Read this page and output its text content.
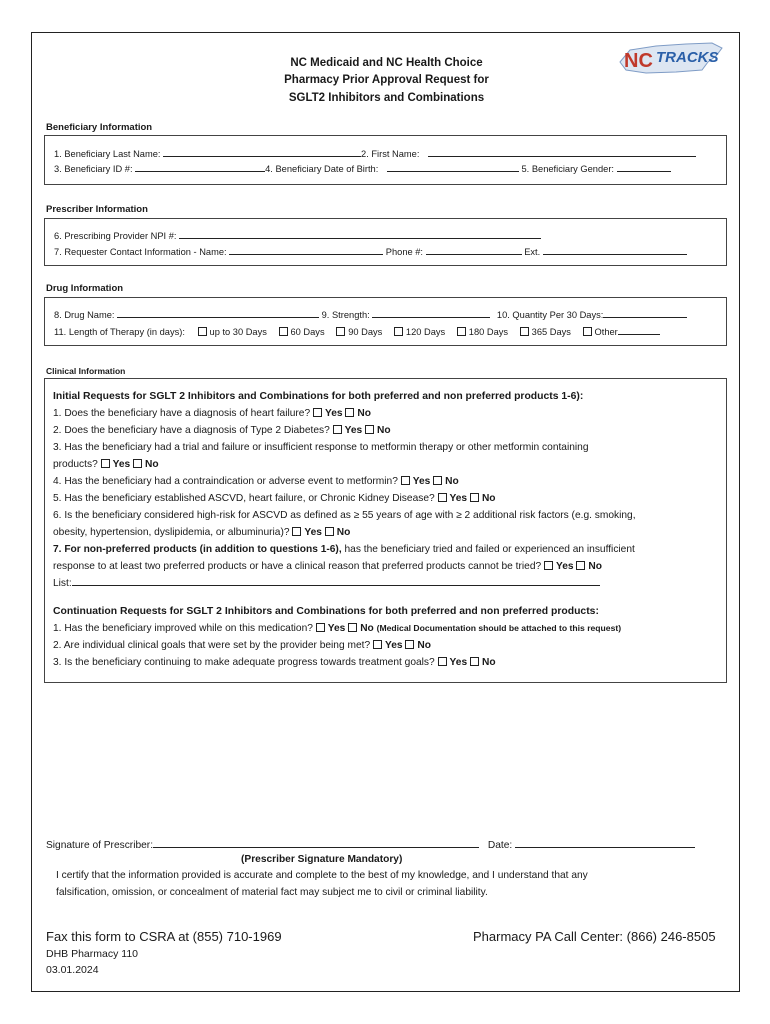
NC Medicaid and NC Health Choice
Pharmacy Prior Approval Request for
SGLT2 Inhibitors and Combinations
NC TRACKS
Beneficiary Information
1. Beneficiary Last Name:	2. First Name:
3. Beneficiary ID #:	4. Beneficiary Date of Birth:	5. Beneficiary Gender:
Prescriber Information
6. Prescribing Provider NPI #:
7. Requester Contact Information - Name:	Phone #:	Ext.
Drug Information
8. Drug Name:	9. Strength:	10. Quantity Per 30 Days:
11. Length of Therapy (in days):	up to 30 Days	60 Days	90 Days	120 Days	180 Days	365 Days	Other
Clinical Information
Initial Requests for SGLT 2 Inhibitors and Combinations for both preferred and non preferred products 1-6):
1. Does the beneficiary have a diagnosis of heart failure? Yes No
2. Does the beneficiary have a diagnosis of Type 2 Diabetes? Yes No
3. Has the beneficiary had a trial and failure or insufficient response to metformin therapy or other metformin containing
products? Yes No
4. Has the beneficiary had a contraindication or adverse event to metformin? Yes No
5. Has the beneficiary established ASCVD, heart failure, or Chronic Kidney Disease? Yes No
6. Is the beneficiary considered high-risk for ASCVD as defined as ≥ 55 years of age with ≥ 2 additional risk factors (e.g. smoking,
obesity, hypertension, dyslipidemia, or albuminuria)? Yes No
7. For non-preferred products (in addition to questions 1-6), has the beneficiary tried and failed or experienced an insufficient
response to at least two preferred products or have a clinical reason that preferred products cannot be tried? Yes No
List:
Continuation Requests for SGLT 2 Inhibitors and Combinations for both preferred and non preferred products:
1. Has the beneficiary improved while on this medication? Yes No (Medical Documentation should be attached to this request)
2. Are individual clinical goals that were set by the provider being met? Yes No
3. Is the beneficiary continuing to make adequate progress towards treatment goals? Yes No
Signature of Prescriber:	Date:
(Prescriber Signature Mandatory)
I certify that the information provided is accurate and complete to the best of my knowledge, and I understand that any
falsification, omission, or concealment of material fact may subject me to civil or criminal liability.
Fax this form to CSRA at (855) 710-1969	Pharmacy PA Call Center: (866) 246-8505
DHB Pharmacy 110
03.01.2024
